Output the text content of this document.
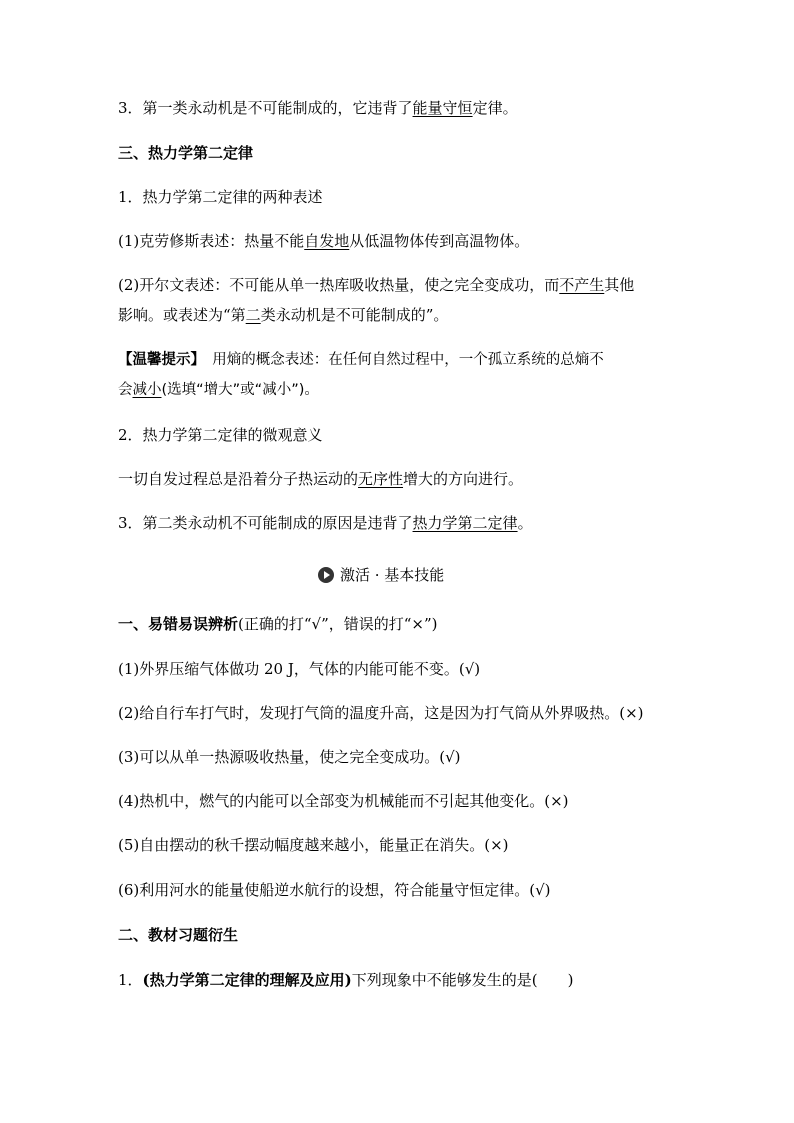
3．第一类永动机是不可能制成的，它违背了能量守恒定律。
三、热力学第二定律
1．热力学第二定律的两种表述
(1)克劳修斯表述：热量不能自发地从低温物体传到高温物体。
(2)开尔文表述：不可能从单一热库吸收热量，使之完全变成功，而不产生其他
影响。或表述为“第二类永动机是不可能制成的”。
【温馨提示】　用熵的概念表述：在任何自然过程中，一个孤立系统的总熵不
会减小(选填“增大”或“减小”)。
2．热力学第二定律的微观意义
一切自发过程总是沿着分子热运动的无序性增大的方向进行。
3．第二类永动机不可能制成的原因是违背了热力学第二定律。
激活 · 基本技能
一、易错易误辨析(正确的打“√”，错误的打“×”)
(1)外界压缩气体做功 20 J，气体的内能可能不变。(√)
(2)给自行车打气时，发现打气筒的温度升高，这是因为打气筒从外界吸热。(×)
(3)可以从单一热源吸收热量，使之完全变成功。(√)
(4)热机中，燃气的内能可以全部变为机械能而不引起其他变化。(×)
(5)自由摆动的秋千摆动幅度越来越小，能量正在消失。(×)
(6)利用河水的能量使船逆水航行的设想，符合能量守恒定律。(√)
二、教材习题衍生
1．(热力学第二定律的理解及应用)下列现象中不能够发生的是(　　)
